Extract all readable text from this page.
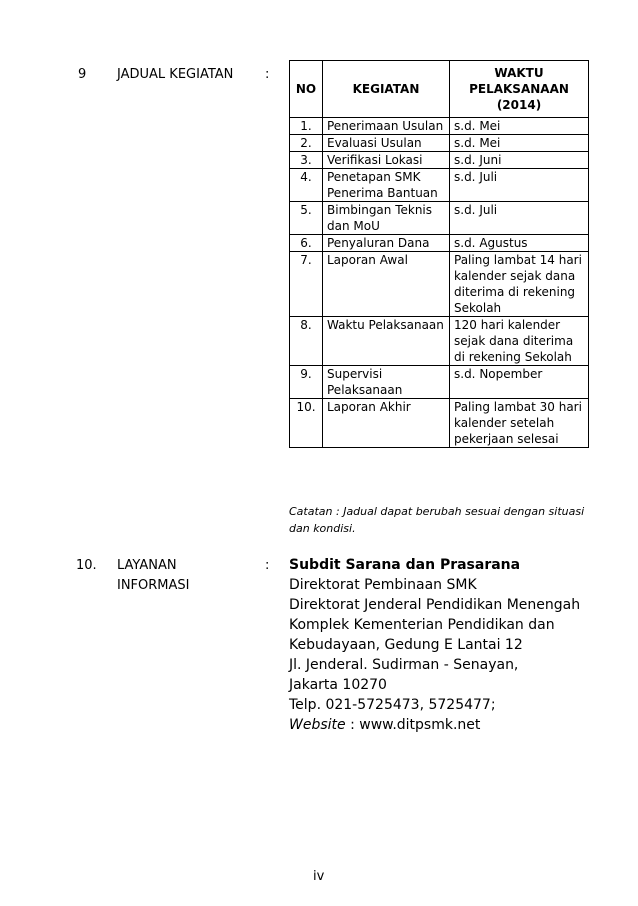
9 JADUAL KEGIATAN :
NO	KEGIATAN	WAKTU PELAKSANAAN (2014)
1.	Penerimaan Usulan	s.d. Mei
2.	Evaluasi Usulan	s.d. Mei
3.	Verifikasi Lokasi	s.d. Juni
4.	Penetapan SMK Penerima Bantuan	s.d. Juli
5.	Bimbingan Teknis dan MoU	s.d. Juli
6.	Penyaluran Dana	s.d. Agustus
7.	Laporan Awal	Paling lambat 14 hari kalender sejak dana diterima di rekening Sekolah
8.	Waktu Pelaksanaan	120 hari kalender sejak dana diterima di rekening Sekolah
9.	Supervisi Pelaksanaan	s.d. Nopember
10.	Laporan Akhir	Paling lambat 30 hari kalender setelah pekerjaan selesai
Catatan : Jadual dapat berubah sesuai dengan situasi dan kondisi.
10. LAYANAN
INFORMASI
: Subdit Sarana dan Prasarana
Direktorat Pembinaan SMK
Direktorat Jenderal Pendidikan Menengah
Komplek Kementerian Pendidikan dan
Kebudayaan, Gedung E Lantai 12
Jl. Jenderal. Sudirman - Senayan,
Jakarta 10270
Telp. 021-5725473, 5725477;
Website : www.ditpsmk.net
iv
